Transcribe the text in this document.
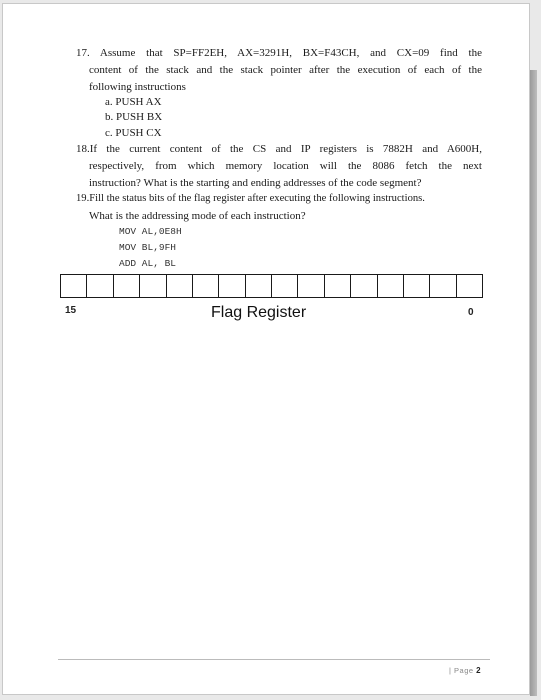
17. Assume that SP=FF2EH, AX=3291H, BX=F43CH, and CX=09 find the
content of the stack and the stack pointer after the execution of each of the
following instructions
a. PUSH AX
b. PUSH BX
c. PUSH CX
18.If the current content of the CS and IP registers is 7882H and A600H,
respectively, from which memory location will the 8086 fetch the next
instruction? What is the starting and ending addresses of the code segment?
19.Fill the status bits of the flag register after executing the following instructions.
What is the addressing mode of each instruction?
MOV AL,0E8H
MOV BL,9FH
ADD AL, BL
15	Flag Register	0
| Page 2
